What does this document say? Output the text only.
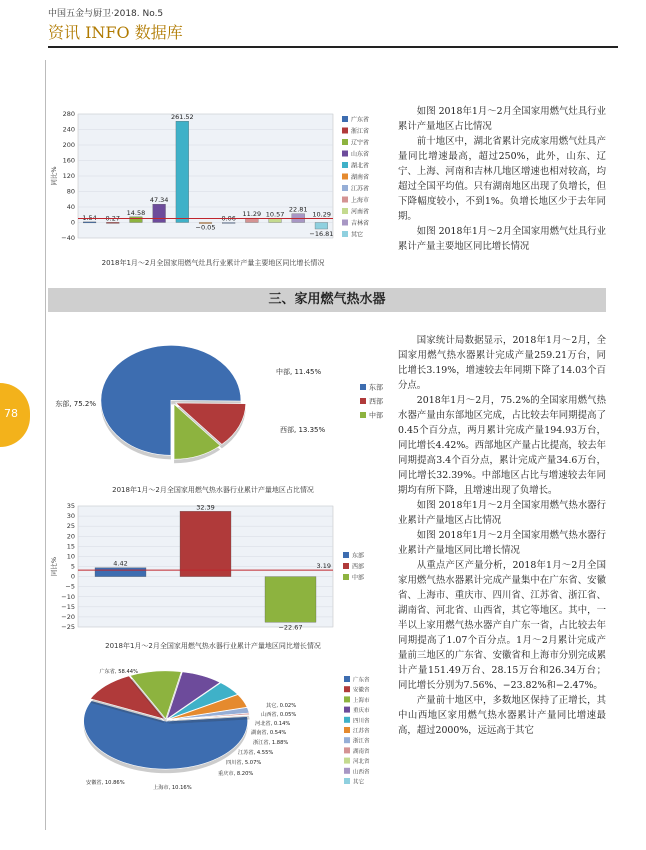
中国五金与厨卫·2018. No.5
资讯 INFO 数据库
78
280
240
200
160
120
80
40
0
−40
同比%
1.54 0.27
14.58
47.34
261.52
−0.05
0.06
11.29 10.57
22.81
−16.81
10.29
广东省
浙江省
辽宁省
山东省
湖北省
湖南省
江苏省
上海市
河南省
吉林省
其它
2018年1月～2月全国家用燃气灶具行业累计产量主要地区同比增长情况

如图 2018年1月～2月全国家用燃气灶具行业累计产量地区占比情况

前十地区中，湖北省累计完成家用燃气灶具产量同比增速最高，超过250%，此外，山东、辽宁、上海、河南和吉林几地区增速也相对较高，均超过全国平均值。只有湖南地区出现了负增长，但下降幅度较小，不到1%。负增长地区少于去年同期。

如图 2018年1月～2月全国家用燃气灶具行业累计产量主要地区同比增长情况

三、家用燃气热水器
东部, 75.2%
西部, 13.35%
中部, 11.45%
东部
西部
中部
2018年1月～2月全国家用燃气热水器行业累计产量地区占比情况
35
30
25
20
15
10
5
0
−5
−10
−15
−20
−25
同比%	4.42
32.39
−22.67
3.19
东部
西部
中部
2018年1月～2月全国家用燃气热水器行业累计产量地区同比增长情况
广东省, 58.44%
安徽省, 10.86%
上海市, 10.16%
重庆市, 8.20%
四川省, 5.07%
江苏省, 4.55%
浙江省, 1.88%
湖南省, 0.54%
河北省, 0.14%
山西省, 0.05%
其它, 0.02%
广东省
安徽省
上海市
重庆市
四川省
江苏省
浙江省
湖南省
河北省
山西省
其它

国家统计局数据显示，2018年1月～2月，全国家用燃气热水器累计完成产量259.21万台，同比增长3.19%，增速较去年同期下降了14.03个百分点。

2018年1月～2月，75.2%的全国家用燃气热水器产量由东部地区完成，占比较去年同期提高了0.45个百分点，两月累计完成产量194.93万台，同比增长4.42%。西部地区产量占比提高，较去年同期提高3.4个百分点，累计完成产量34.6万台，同比增长32.39%。中部地区占比与增速较去年同期均有所下降，且增速出现了负增长。

如图 2018年1月～2月全国家用燃气热水器行业累计产量地区占比情况

如图 2018年1月～2月全国家用燃气热水器行业累计产量地区同比增长情况

从重点产区产量分析，2018年1月～2月全国家用燃气热水器累计完成产量集中在广东省、安徽省、上海市、重庆市、四川省、江苏省、浙江省、湖南省、河北省、山西省，其它等地区。其中，一半以上家用燃气热水器产自广东一省，占比较去年同期提高了1.07个百分点。1月～2月累计完成产量前三地区的广东省、安徽省和上海市分别完成累计产量151.49万台、28.15万台和26.34万台；同比增长分别为7.56%、−23.82%和−2.47%。

产量前十地区中，多数地区保持了正增长，其中山西地区家用燃气热水器累计产量同比增速最高，超过2000%，远远高于其它
